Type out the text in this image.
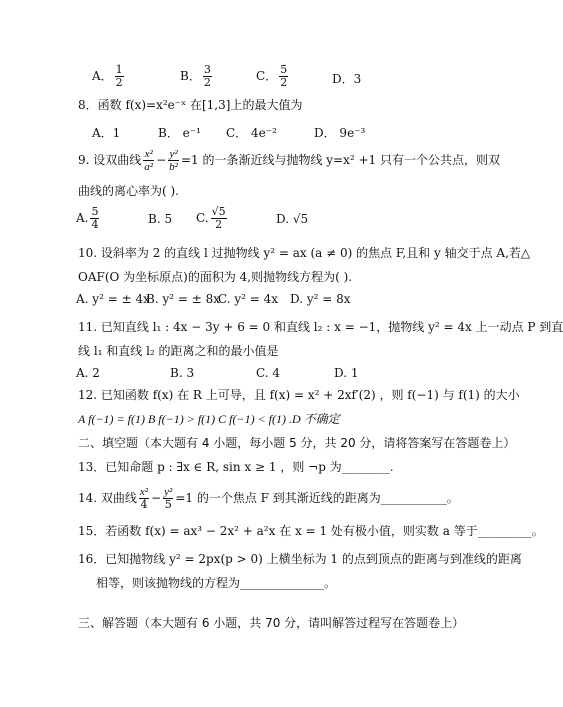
A． $\frac{1}{2}$	B． $\frac{3}{2}$	C． $\frac{5}{2}$	D．3
8．函数 f(x)=x²e⁻ˣ 在[1,3]上的最大值为
A．1	B． e⁻¹ C． 4e⁻²	D． 9e⁻³
9. 设双曲线 $\frac{\text{x²}}{\text{a²}} - \frac{\text{y²}}{\text{b²}} =1$ 的一条渐近线与抛物线 y=x² +1 只有一个公共点，则双
曲线的离心率为( ).
A. $\frac{5}{4}$	B. 5 C. $\frac{√5}{2}$	D. √5
10. 设斜率为 2 的直线 l 过抛物线 y² = ax (a ≠ 0) 的焦点 F,且和 y 轴交于点 A,若△
OAF(O 为坐标原点)的面积为 4,则抛物线方程为( ).
A. y² = ± 4x
B. y² = ± 8x
C. y² = 4x D. y² = 8x
11. 已知直线 l₁ : 4x − 3y + 6 = 0 和直线 l₂ : x = −1，抛物线 y² = 4x 上一动点 P 到直
线 l₁ 和直线 l₂ 的距离之和的最小值是
A. 2	B. 3	C. 4	D. 1
12. 已知函数 f(x) 在 R 上可导，且 f(x) = x² + 2xf′(2) ，则 f(−1) 与 f(1) 的大小
A f(−1) = f(1) B f(−1) > f(1) C f(−1) < f(1) .D 不确定
二、填空题（本大题有 4 小题，每小题 5 分，共 20 分，请将答案写在答题卷上）
13．已知命题 p : ∃x ∈ R, sin x ≥ 1 ，则 ¬p 为________.
14. 双曲线 $\frac{\text{x²}}{4} - \frac{\text{y²}}{5} =1$ 的一个焦点 F 到其渐近线的距离为___________。
15．若函数 f(x) = ax³ − 2x² + a²x 在 x = 1 处有极小值，则实数 a 等于_________。
16．已知抛物线 y² = 2px(p > 0) 上横坐标为 1 的点到顶点的距离与到准线的距离
相等，则该抛物线的方程为______________。
三、解答题（本大题有 6 小题，共 70 分，请叫解答过程写在答题卷上）
